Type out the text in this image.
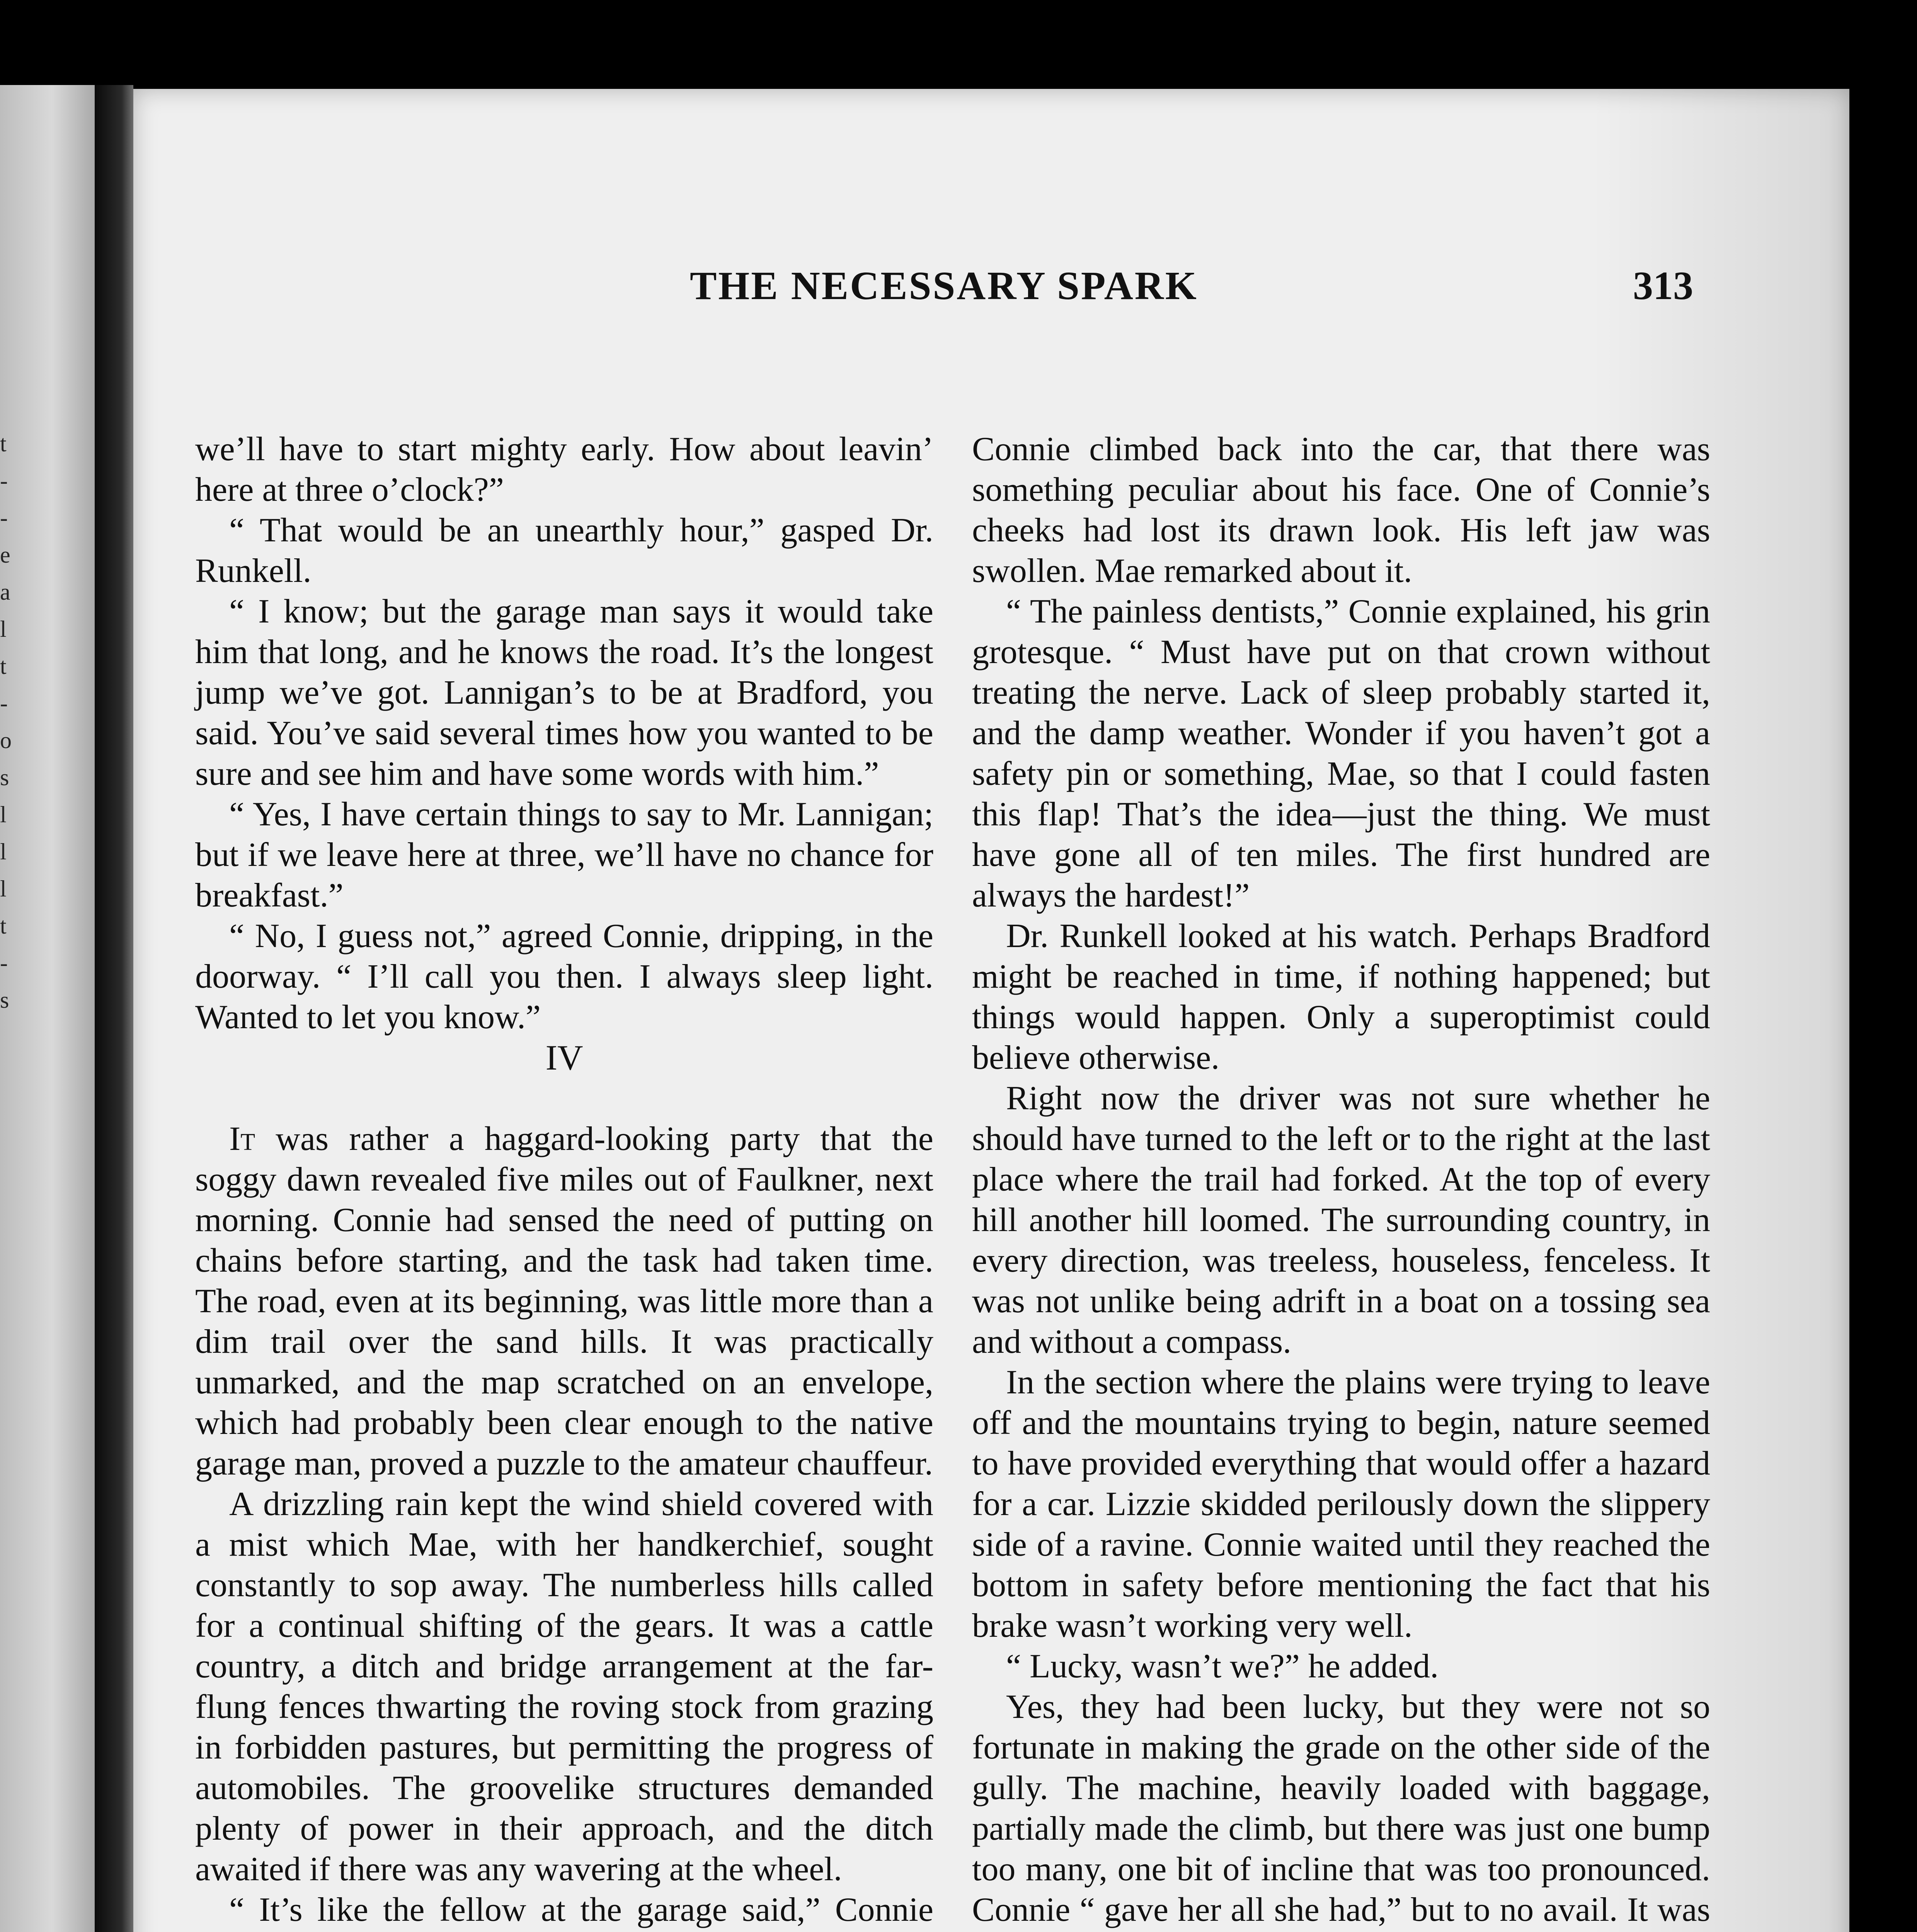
t
-
-
e
a
l
t
-
o
s
l
l
l
t
-
s
THE NECESSARY SPARK	313

we’ll have to start mighty early. How about leavin’ here at three o’clock?”

“ That would be an unearthly hour,” gasped Dr. Runkell.

“ I know; but the garage man says it would take him that long, and he knows the road. It’s the longest jump we’ve got. Lannigan’s to be at Bradford, you said. You’ve said several times how you wanted to be sure and see him and have some words with him.”

“ Yes, I have certain things to say to Mr. Lannigan; but if we leave here at three, we’ll have no chance for breakfast.”

“ No, I guess not,” agreed Connie, dripping, in the doorway. “ I’ll call you then. I always sleep light. Wanted to let you know.”

IV

It was rather a haggard-looking party that the soggy dawn revealed five miles out of Faulkner, next morning. Connie had sensed the need of putting on chains before starting, and the task had taken time. The road, even at its beginning, was little more than a dim trail over the sand hills. It was practically unmarked, and the map scratched on an envelope, which had probably been clear enough to the native garage man, proved a puzzle to the amateur chauffeur.

A drizzling rain kept the wind shield covered with a mist which Mae, with her handkerchief, sought constantly to sop away. The numberless hills called for a continual shifting of the gears. It was a cattle country, a ditch and bridge arrangement at the far-flung fences thwarting the roving stock from grazing in forbidden pastures, but permitting the progress of automobiles. The groovelike structures demanded plenty of power in their approach, and the ditch awaited if there was any wavering at the wheel.

“ It’s like the fellow at the garage said,” Connie

Connie climbed back into the car, that there was something peculiar about his face. One of Connie’s cheeks had lost its drawn look. His left jaw was swollen. Mae remarked about it.

“ The painless dentists,” Connie explained, his grin grotesque. “ Must have put on that crown without treating the nerve. Lack of sleep probably started it, and the damp weather. Wonder if you haven’t got a safety pin or something, Mae, so that I could fasten this flap! That’s the idea—just the thing. We must have gone all of ten miles. The first hundred are always the hardest!”

Dr. Runkell looked at his watch. Perhaps Bradford might be reached in time, if nothing happened; but things would happen. Only a superoptimist could believe otherwise.

Right now the driver was not sure whether he should have turned to the left or to the right at the last place where the trail had forked. At the top of every hill another hill loomed. The surrounding country, in every direction, was treeless, houseless, fenceless. It was not unlike being adrift in a boat on a tossing sea and without a compass.

In the section where the plains were trying to leave off and the mountains trying to begin, nature seemed to have provided everything that would offer a hazard for a car. Lizzie skidded perilously down the slippery side of a ravine. Connie waited until they reached the bottom in safety before mentioning the fact that his brake wasn’t working very well.

“ Lucky, wasn’t we?” he added.

Yes, they had been lucky, but they were not so fortunate in making the grade on the other side of the gully. The machine, heavily loaded with baggage, partially made the climb, but there was just one bump too many, one bit of incline that was too pronounced. Connie “ gave her all she had,” but to no avail. It was
